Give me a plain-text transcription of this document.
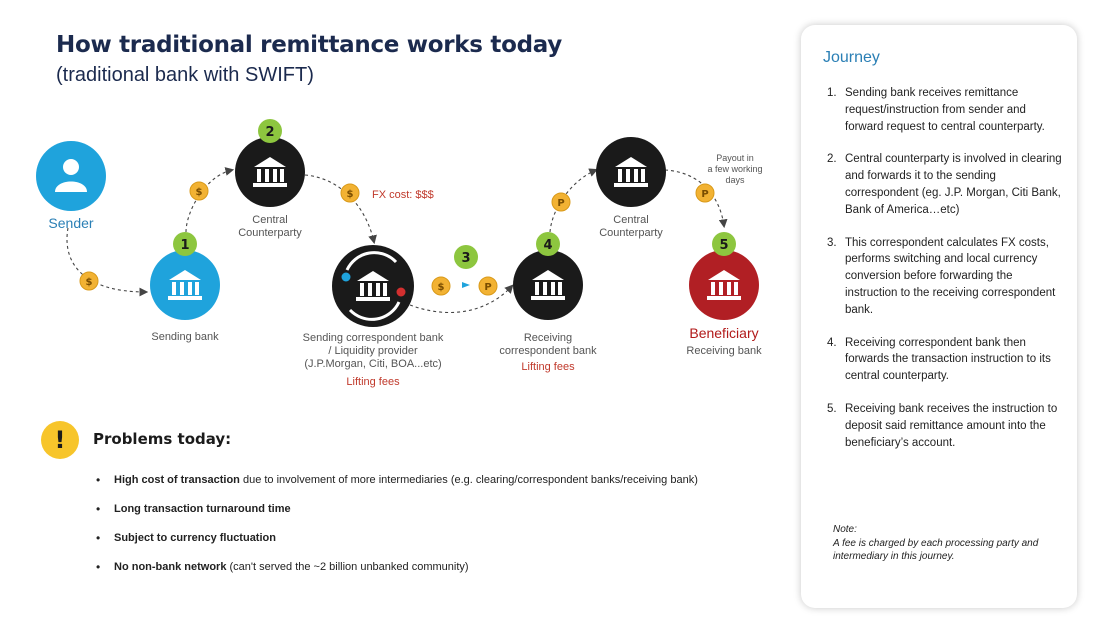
How traditional remittance works today
(traditional bank with SWIFT)
1
2
3
4	5
$
$	$
$	P
P
P
Sender
Sending bank
Central
Counterparty
FX cost: $$$
Sending correspondent bank
/ Liquidity provider
(J.P.Morgan, Citi, BOA...etc)
Lifting fees
Receiving
correspondent bank
Lifting fees
Central
Counterparty
Payout in
a few working
days
Beneficiary
Receiving bank
!	Problems today:
• High cost of transaction due to involvement of more intermediaries (e.g. clearing/correspondent banks/receiving bank)
• Long transaction turnaround time
• Subject to currency fluctuation
• No non-bank network (can't served the ~2 billion unbanked community)
Journey
1. Sending bank receives remittance request/instruction from sender and forward request to central counterparty.
2. Central counterparty is involved in clearing and forwards it to the sending correspondent (eg. J.P. Morgan, Citi Bank, Bank of America…etc)
3. This correspondent calculates FX costs, performs switching and local currency conversion before forwarding the instruction to the receiving correspondent bank.
4. Receiving correspondent bank then forwards the transaction instruction to its central counterparty.
5. Receiving bank receives the instruction to deposit said remittance amount into the beneficiary’s account.
Note:
A fee is charged by each processing party and intermediary in this journey.
